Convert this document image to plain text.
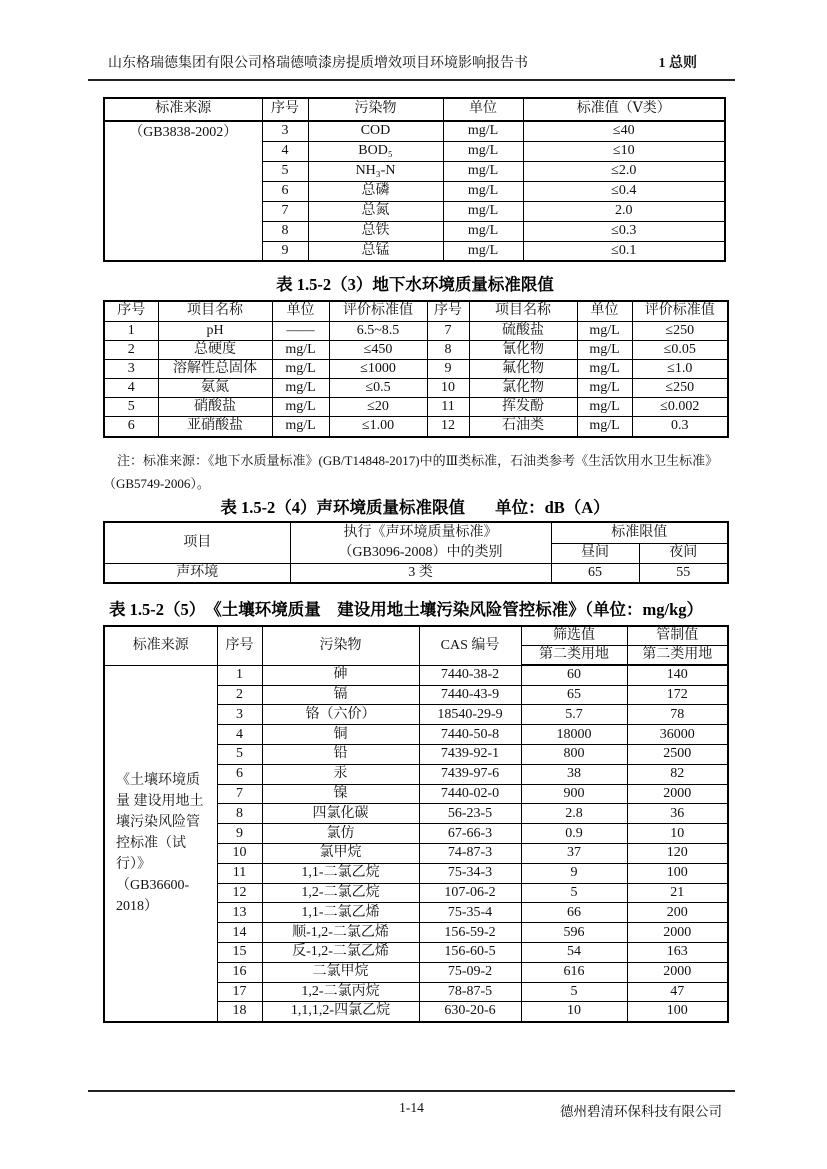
山东格瑞德集团有限公司格瑞德喷漆房提质增效项目环境影响报告书	1 总则
标准来源	序号	污染物	单位	标准值（Ⅴ类）
（GB3838-2002）	3	COD	mg/L	≤40
	4	BOD₅	mg/L	≤10
	5	NH₃-N	mg/L	≤2.0
	6	总磷	mg/L	≤0.4
	7	总氮	mg/L	2.0
	8	总铁	mg/L	≤0.3
	9	总锰	mg/L	≤0.1
表 1.5-2（3）地下水环境质量标准限值
序号	项目名称	单位	评价标准值	序号	项目名称	单位	评价标准值
1	pH	——	6.5~8.5	7	硫酸盐	mg/L	≤250
2	总硬度	mg/L	≤450	8	氰化物	mg/L	≤0.05
3	溶解性总固体	mg/L	≤1000	9	氟化物	mg/L	≤1.0
4	氨氮	mg/L	≤0.5	10	氯化物	mg/L	≤250
5	硝酸盐	mg/L	≤20	11	挥发酚	mg/L	≤0.002
6	亚硝酸盐	mg/L	≤1.00	12	石油类	mg/L	0.3
注：标准来源：《地下水质量标准》(GB/T14848-2017)中的Ⅲ类标准，石油类参考《生活饮用水卫生标准》
（GB5749-2006）。
表 1.5-2（4）声环境质量标准限值 单位：dB（A）
项目	执行《声环境质量标准》
（GB3096-2008）中的类别	标准限值	
		昼间	夜间
声环境	3 类	65	55
表 1.5-2（5）　《土壤环境质量　建设用地土壤污染风险管控标准》（单位：mg/kg）
标准来源	序号	污染物	CAS 编号	筛选值	管制值
				第二类用地	第二类用地
《土壤环境质量 建设用地土壤污染风险管控标准（试行）》（GB36600-2018）	1	砷	7440-38-2	60	140
	2	镉	7440-43-9	65	172
	3	铬（六价）	18540-29-9	5.7	78
	4	铜	7440-50-8	18000	36000
	5	铅	7439-92-1	800	2500
	6	汞	7439-97-6	38	82
	7	镍	7440-02-0	900	2000
	8	四氯化碳	56-23-5	2.8	36
	9	氯仿	67-66-3	0.9	10
	10	氯甲烷	74-87-3	37	120
	11	1,1-二氯乙烷	75-34-3	9	100
	12	1,2-二氯乙烷	107-06-2	5	21
	13	1,1-二氯乙烯	75-35-4	66	200
	14	顺-1,2-二氯乙烯	156-59-2	596	2000
	15	反-1,2-二氯乙烯	156-60-5	54	163
	16	二氯甲烷	75-09-2	616	2000
	17	1,2-二氯丙烷	78-87-5	5	47
	18	1,1,1,2-四氯乙烷	630-20-6	10	100
1-14	德州碧清环保科技有限公司
